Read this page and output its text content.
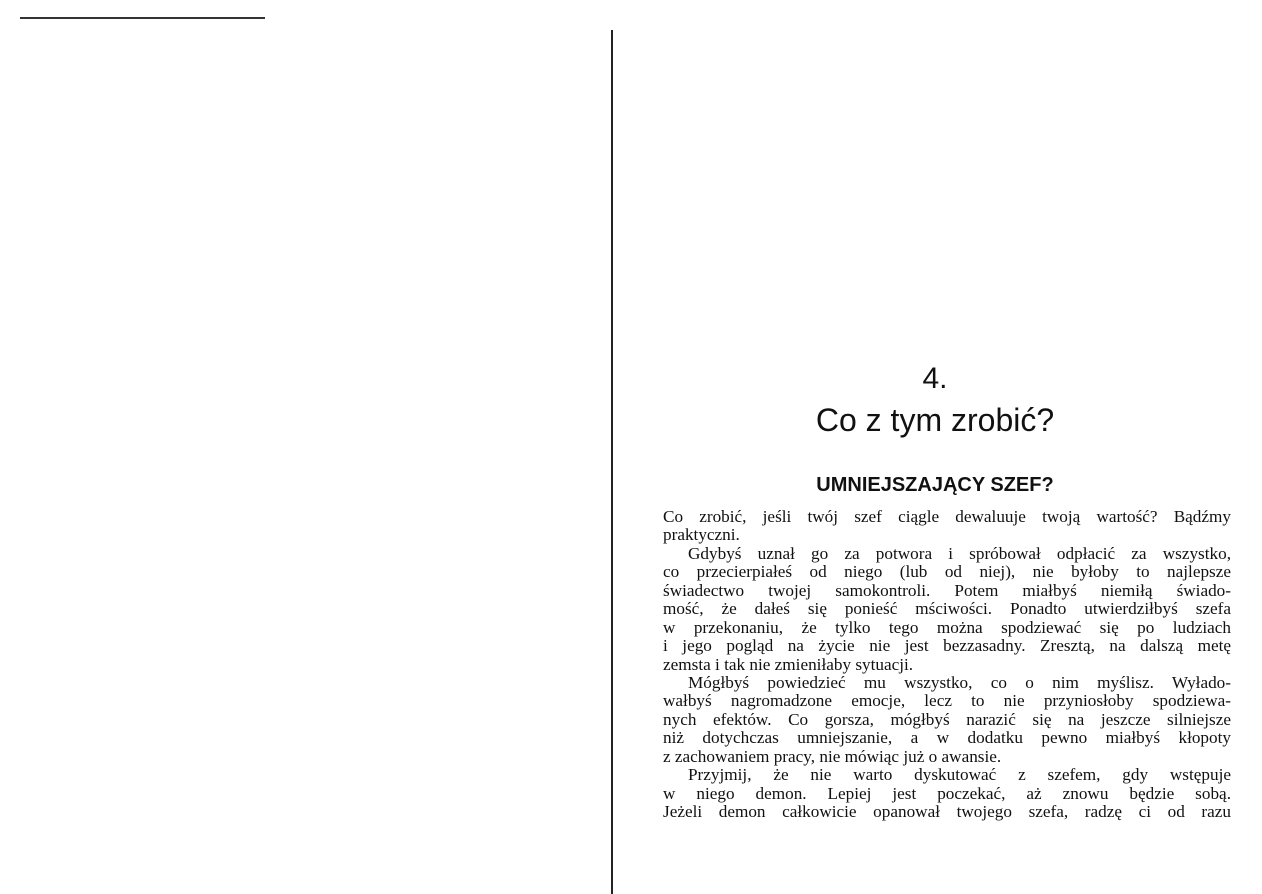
4.
Co z tym zrobić?
UMNIEJSZAJĄCY SZEF?
Co zrobić, jeśli twój szef ciągle dewaluuje twoją wartość? Bądźmy
praktyczni.
Gdybyś uznał go za potwora i spróbował odpłacić za wszystko,
co przecierpiałeś od niego (lub od niej), nie byłoby to najlepsze
świadectwo twojej samokontroli. Potem miałbyś niemiłą świado-
mość, że dałeś się ponieść mściwości. Ponadto utwierdziłbyś szefa
w przekonaniu, że tylko tego można spodziewać się po ludziach
i jego pogląd na życie nie jest bezzasadny. Zresztą, na dalszą metę
zemsta i tak nie zmieniłaby sytuacji.
Mógłbyś powiedzieć mu wszystko, co o nim myślisz. Wyłado-
wałbyś nagromadzone emocje, lecz to nie przyniosłoby spodziewa-
nych efektów. Co gorsza, mógłbyś narazić się na jeszcze silniejsze
niż dotychczas umniejszanie, a w dodatku pewno miałbyś kłopoty
z zachowaniem pracy, nie mówiąc już o awansie.
Przyjmij, że nie warto dyskutować z szefem, gdy wstępuje
w niego demon. Lepiej jest poczekać, aż znowu będzie sobą.
Jeżeli demon całkowicie opanował twojego szefa, radzę ci od razu
